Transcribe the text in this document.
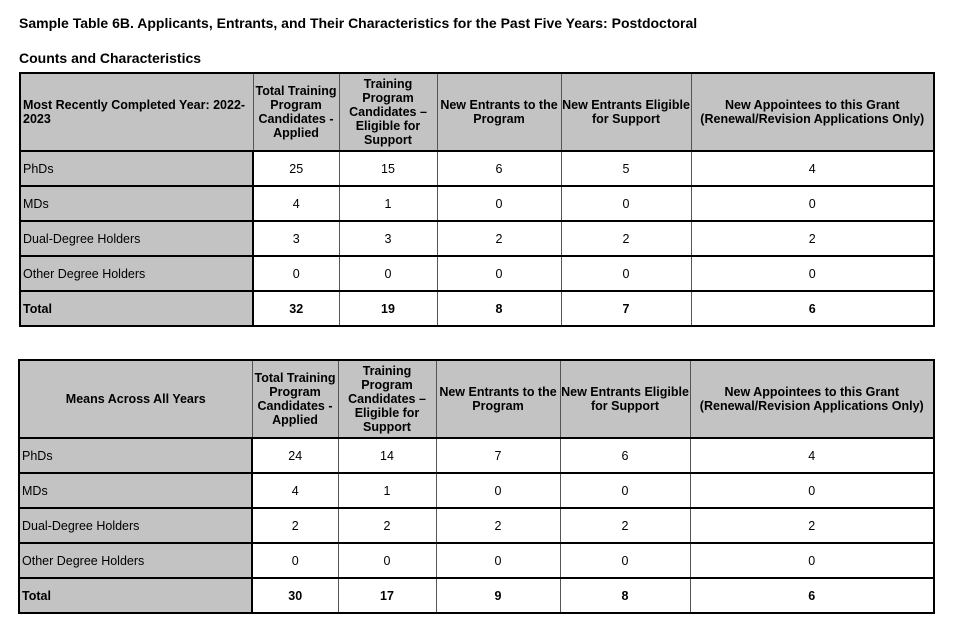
Sample Table 6B. Applicants, Entrants, and Their Characteristics for the Past Five Years: Postdoctoral
Counts and Characteristics
Most Recently Completed Year: 2022-2023	Total Training Program Candidates - Applied	Training Program Candidates – Eligible for Support	New Entrants to the Program	New Entrants Eligible for Support	New Appointees to this Grant (Renewal/Revision Applications Only)
PhDs	25	15	6	5	4
MDs	4	1	0	0	0
Dual-Degree Holders	3	3	2	2	2
Other Degree Holders	0	0	0	0	0
Total	32	19	8	7	6
Means Across All Years	Total Training Program Candidates - Applied	Training Program Candidates – Eligible for Support	New Entrants to the Program	New Entrants Eligible for Support	New Appointees to this Grant (Renewal/Revision Applications Only)
PhDs	24	14	7	6	4
MDs	4	1	0	0	0
Dual-Degree Holders	2	2	2	2	2
Other Degree Holders	0	0	0	0	0
Total	30	17	9	8	6
